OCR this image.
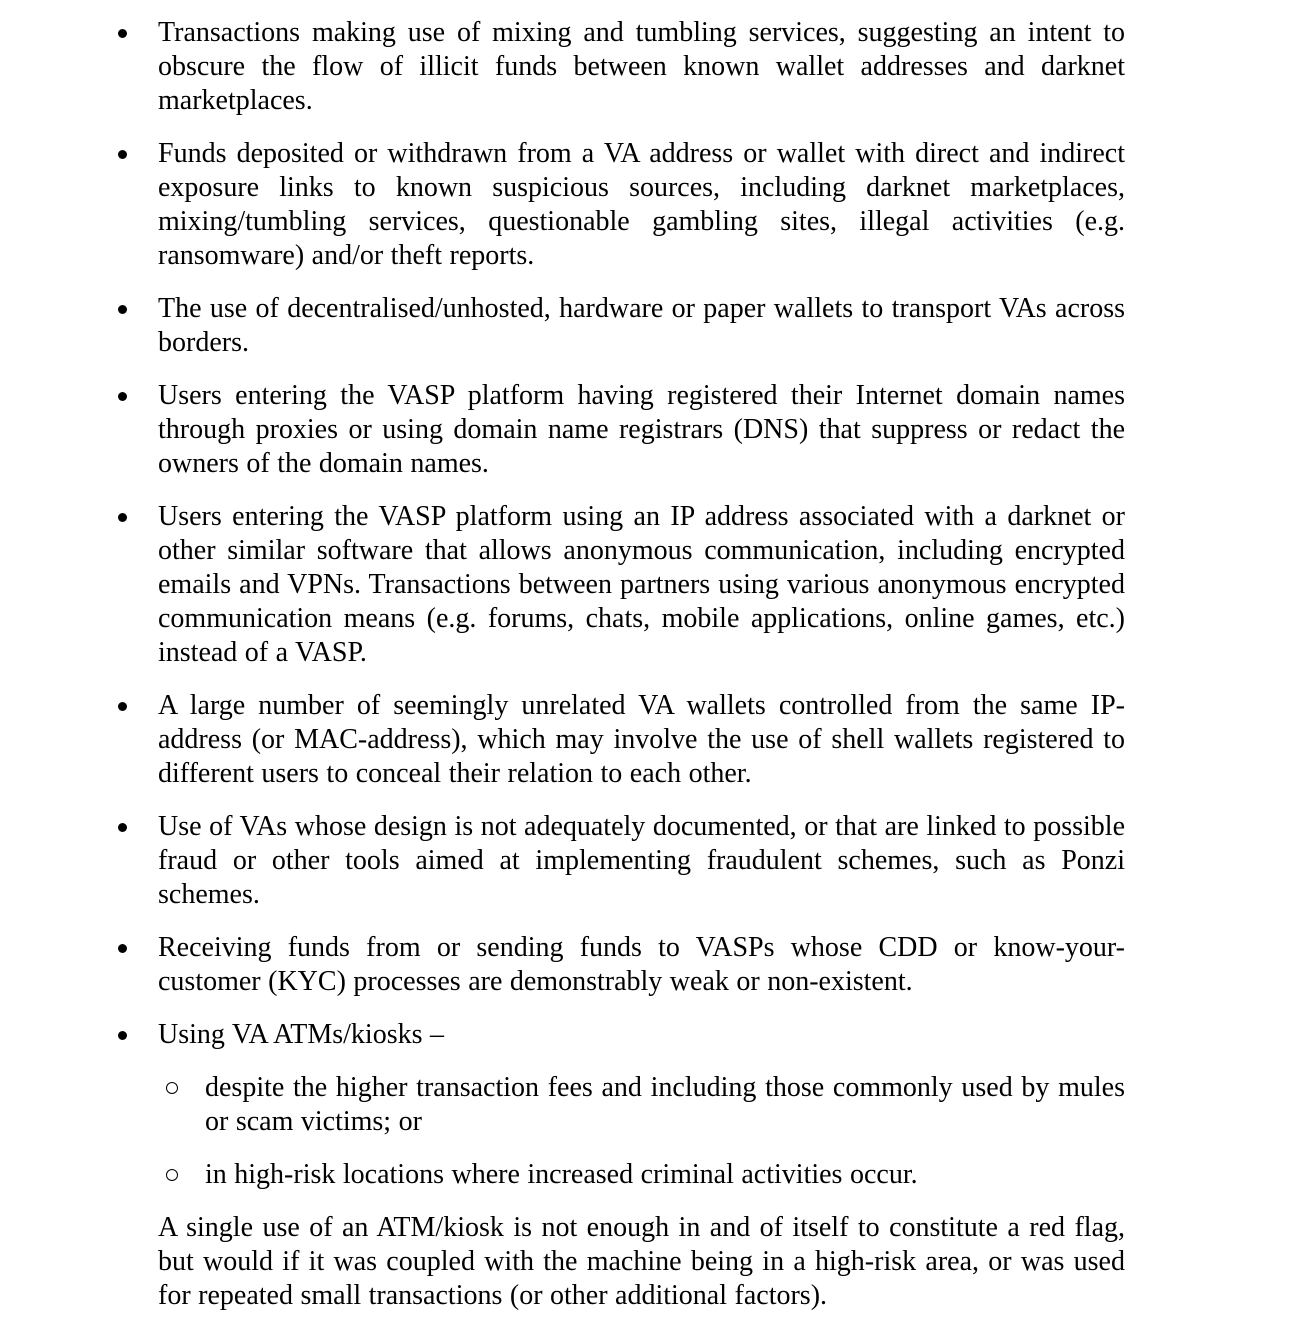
Transactions making use of mixing and tumbling services, suggesting an intent to obscure the flow of illicit funds between known wallet addresses and darknet marketplaces.

Funds deposited or withdrawn from a VA address or wallet with direct and indirect exposure links to known suspicious sources, including darknet marketplaces, mixing/tumbling services, questionable gambling sites, illegal activities (e.g. ransomware) and/or theft reports.

The use of decentralised/unhosted, hardware or paper wallets to transport VAs across borders.

Users entering the VASP platform having registered their Internet domain names through proxies or using domain name registrars (DNS) that suppress or redact the owners of the domain names.

Users entering the VASP platform using an IP address associated with a darknet or other similar software that allows anonymous communication, including encrypted emails and VPNs. Transactions between partners using various anonymous encrypted communication means (e.g. forums, chats, mobile applications, online games, etc.) instead of a VASP.

A large number of seemingly unrelated VA wallets controlled from the same IP-address (or MAC-address), which may involve the use of shell wallets registered to different users to conceal their relation to each other.

Use of VAs whose design is not adequately documented, or that are linked to possible fraud or other tools aimed at implementing fraudulent schemes, such as Ponzi schemes.

Receiving funds from or sending funds to VASPs whose CDD or know-your-customer (KYC) processes are demonstrably weak or non-existent.

Using VA ATMs/kiosks –

despite the higher transaction fees and including those commonly used by mules or scam victims; or

in high-risk locations where increased criminal activities occur.

A single use of an ATM/kiosk is not enough in and of itself to constitute a red flag, but would if it was coupled with the machine being in a high-risk area, or was used for repeated small transactions (or other additional factors).
